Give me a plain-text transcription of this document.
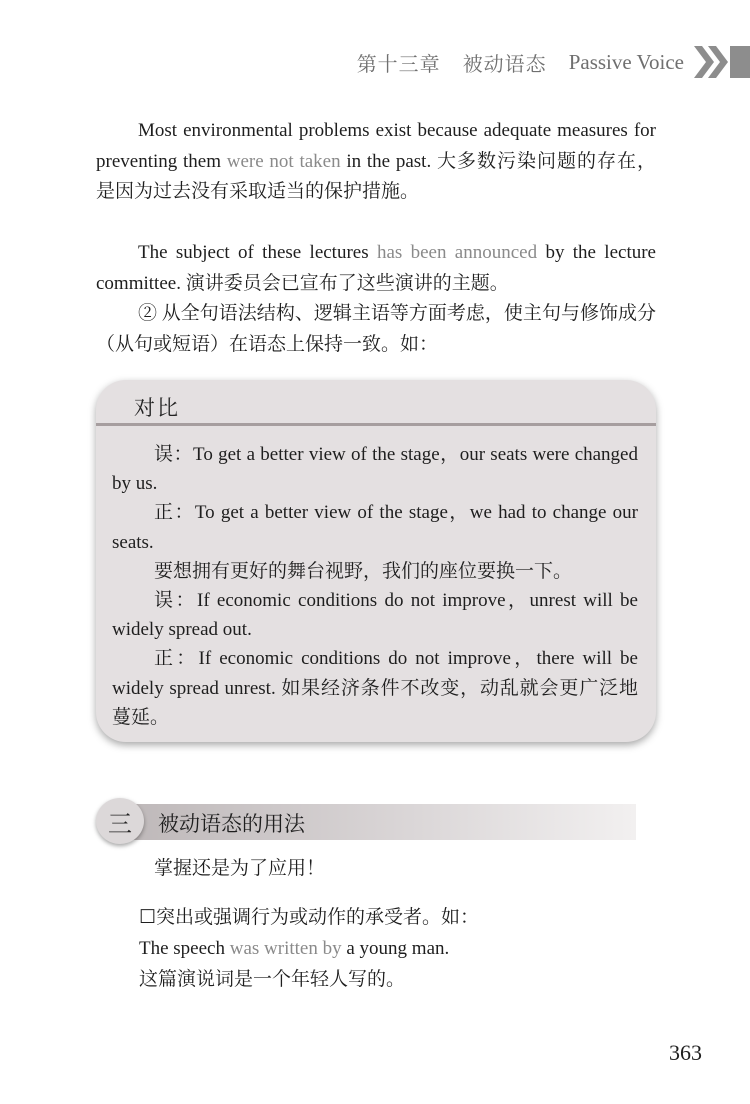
第十三章 被动语态 Passive Voice

Most environmental problems exist because adequate measures for preventing them were not taken in the past. 大多数污染问题的存在，是因为过去没有采取适当的保护措施。

The subject of these lectures has been announced by the lecture committee. 演讲委员会已宣布了这些演讲的主题。

② 从全句语法结构、逻辑主语等方面考虑，使主句与修饰成分（从句或短语）在语态上保持一致。如：

对比

误：To get a better view of the stage，our seats were changed by us.

正：To get a better view of the stage，we had to change our seats.

要想拥有更好的舞台视野，我们的座位要换一下。

误：If economic conditions do not improve，unrest will be widely spread out.

正：If economic conditions do not improve，there will be widely spread unrest. 如果经济条件不改变，动乱就会更广泛地蔓延。

三	被动语态的用法

掌握还是为了应用！

☐突出或强调行为或动作的承受者。如：

The speech was written by a young man.

这篇演说词是一个年轻人写的。

363
